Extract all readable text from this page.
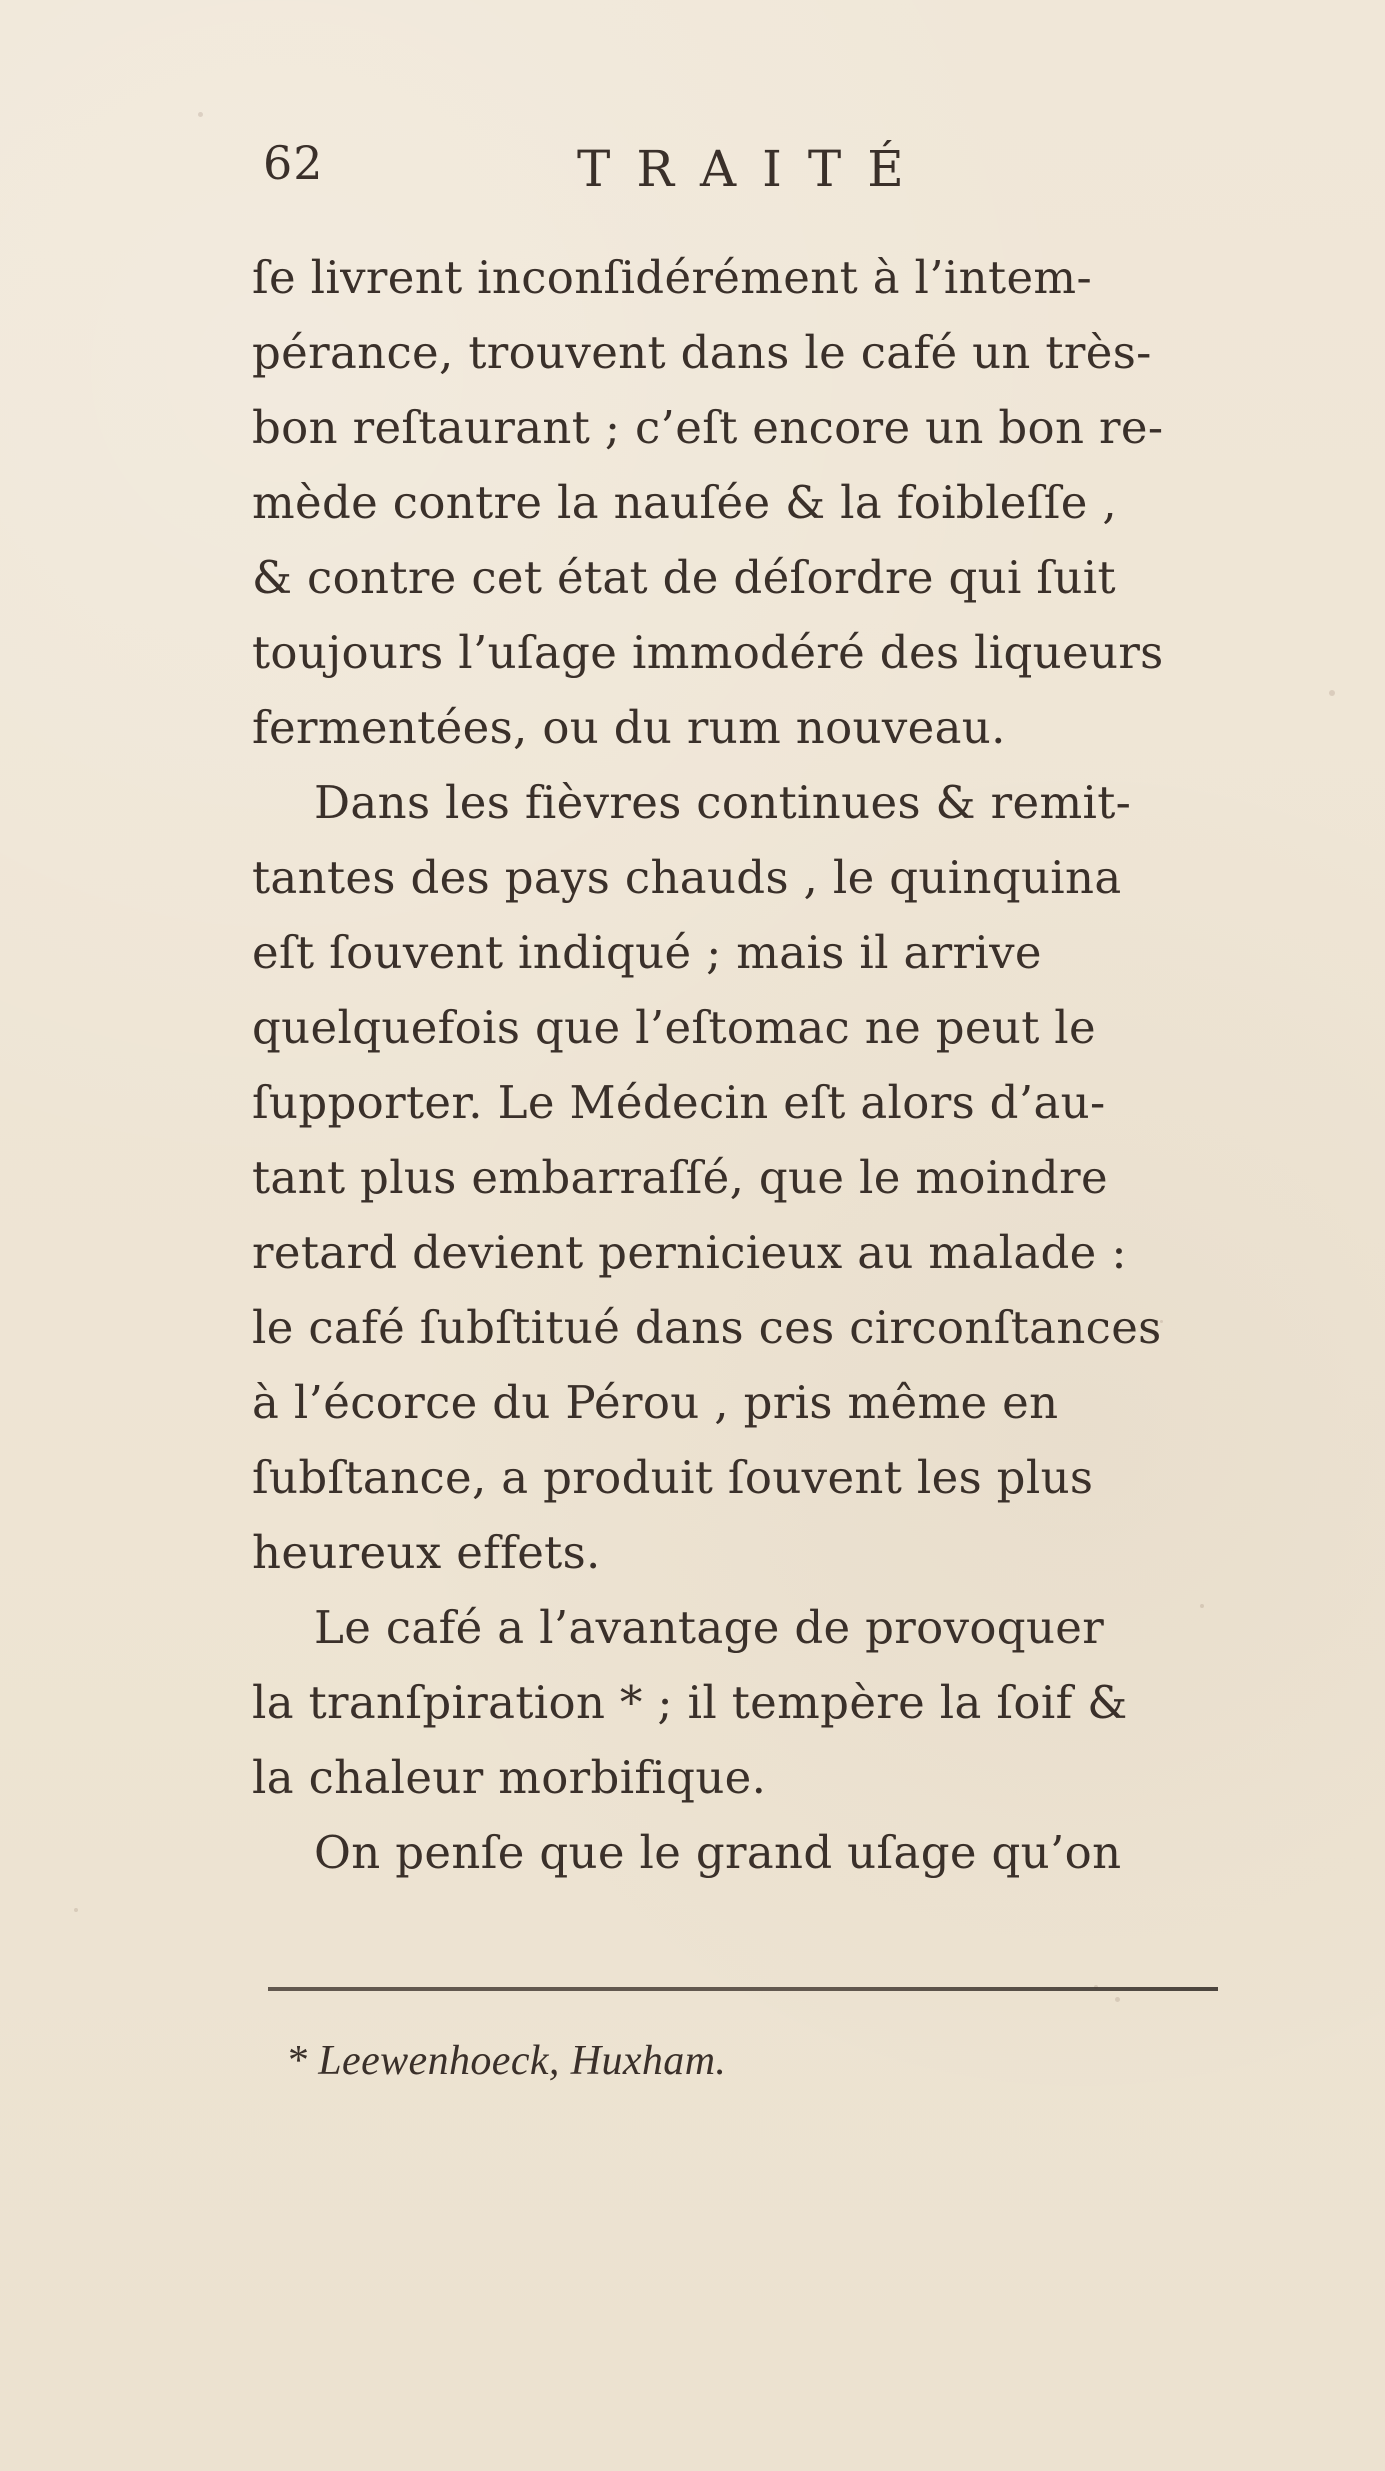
62	TRAITÉ
ſe livrent inconſidérément à l’intem-
pérance, trouvent dans le café un très-
bon reſtaurant ; c’eſt encore un bon re-
mède contre la nauſée & la foibleſſe ,
& contre cet état de déſordre qui ſuit
toujours l’uſage immodéré des liqueurs
fermentées, ou du rum nouveau.
Dans les fièvres continues & remit-
tantes des pays chauds , le quinquina
eſt ſouvent indiqué ; mais il arrive
quelquefois que l’eſtomac ne peut le
ſupporter. Le Médecin eſt alors d’au-
tant plus embarraſſé, que le moindre
retard devient pernicieux au malade :
le café ſubſtitué dans ces circonſtances
à l’écorce du Pérou , pris même en
ſubſtance, a produit ſouvent les plus
heureux effets.
Le café a l’avantage de provoquer
la tranſpiration * ; il tempère la ſoif &
la chaleur morbifique.
On penſe que le grand uſage qu’on
* Leewenhoeck, Huxham.
